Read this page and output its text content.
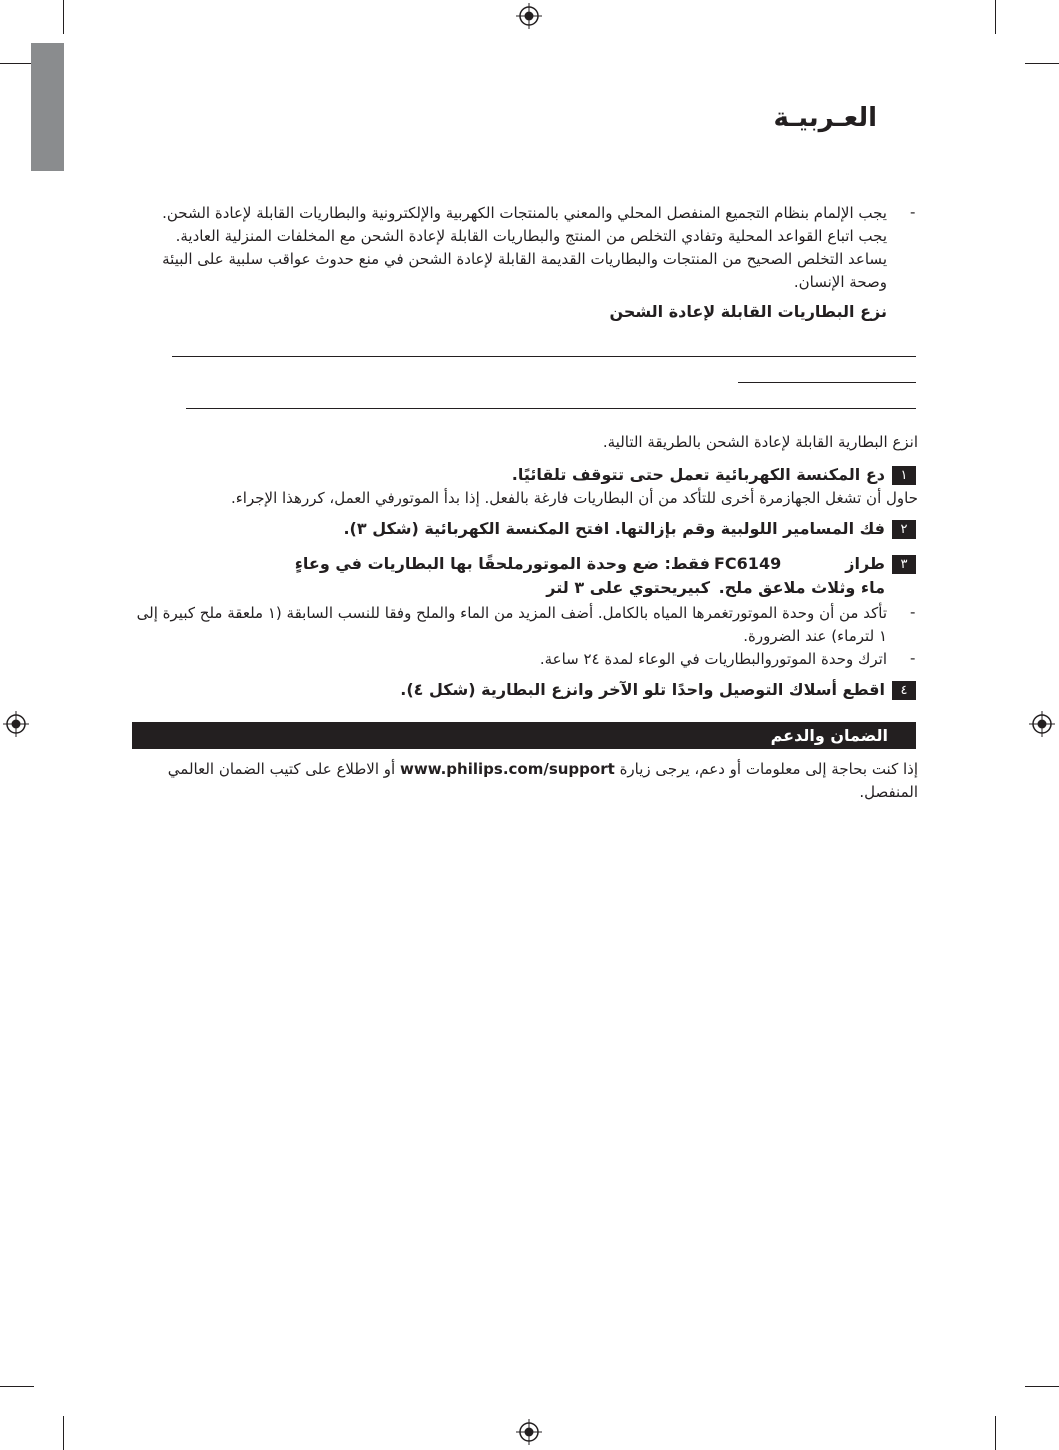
العـربيـة
-
يجب الإلمام بنظام التجميع المنفصل المحلي والمعني بالمنتجات الكهربية والإلكترونية والبطاريات القابلة لإعادة الشحن.
يجب اتباع القواعد المحلية وتفادي التخلص من المنتج والبطاريات القابلة لإعادة الشحن مع المخلفات المنزلية العادية.
يساعد التخلص الصحيح من المنتجات والبطاريات القديمة القابلة لإعادة الشحن في منع حدوث عواقب سلبية على البيئة
وصحة الإنسان.
نزع البطاريات القابلة لإعادة الشحن
انزع البطارية القابلة لإعادة الشحن بالطريقة التالية.
١
دع المكنسة الكهربائية تعمل حتى تتوقف تلقائيًا.
حاول أن تشغل الجهازمرة أخرى للتأكد من أن البطاريات فارغة بالفعل. إذا بدأ الموتورفي العمل، كررهذا الإجراء.
٢
فك المسامير اللولبية وقم بإزالتها. افتح المكنسة الكهربائية (شكل ٣).
٣
طراز
FC6149
فقط: ضع وحدة الموتورملحقًا بها البطاريات في وعاءٍ كبيريحتوي على ٣ لتر ماء وثلاث ملاعق ملح.
-
تأكد من أن وحدة الموتورتغمرها المياه بالكامل. أضف المزيد من الماء والملح وفقا للنسب السابقة (١ ملعقة ملح كبيرة إلى
١ لترماء) عند الضرورة.
-
اترك وحدة الموتوروالبطاريات في الوعاء لمدة ٢٤ ساعة.
٤
اقطع أسلاك التوصيل واحدًا تلو الآخر وانزع البطارية (شكل ٤).
الضمان والدعم
إذا كنت بحاجة إلى معلومات أو دعم، يرجى زيارة www.philips.com/support أو الاطلاع على كتيب الضمان العالمي
المنفصل.
